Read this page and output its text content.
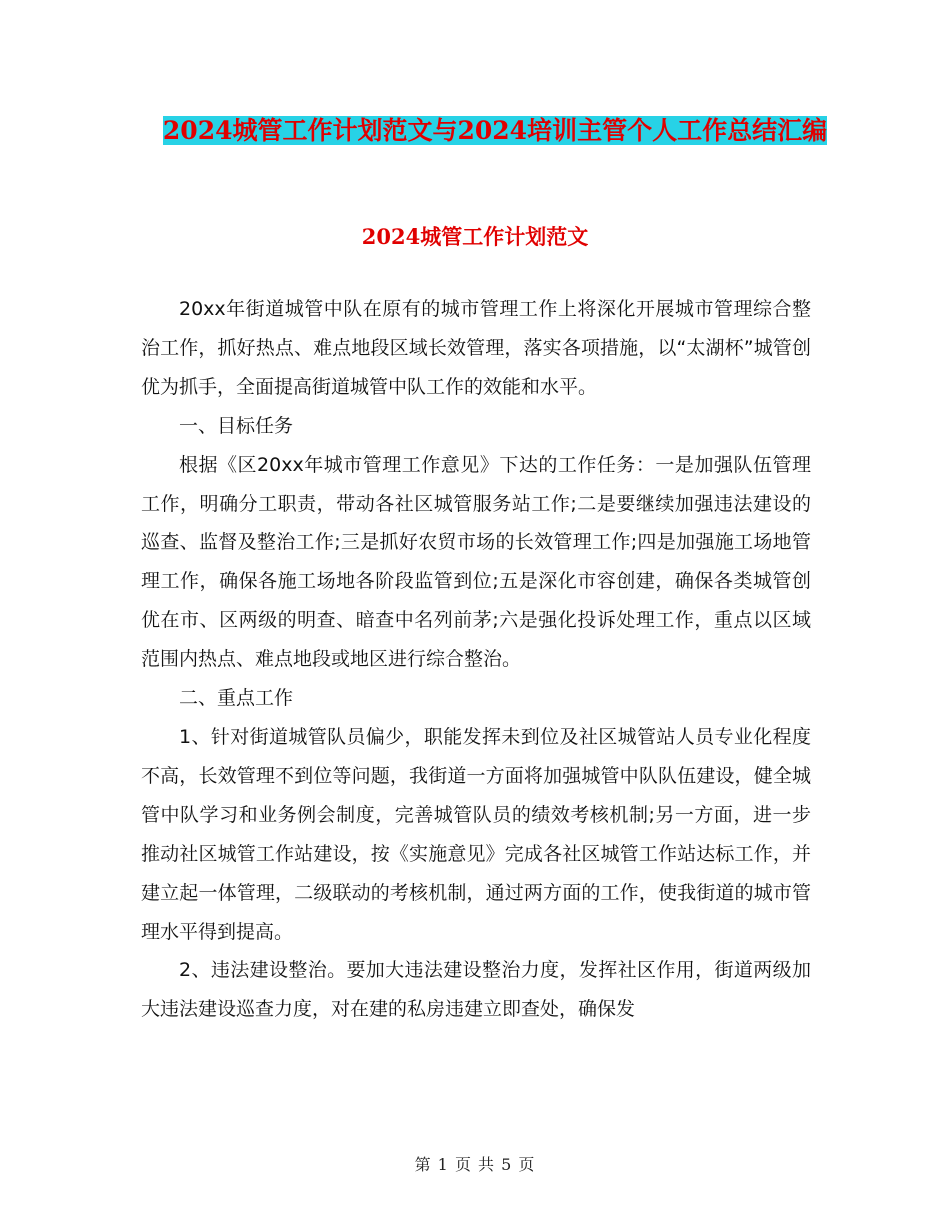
2024城管工作计划范文与2024培训主管个人工作总结汇编
2024城管工作计划范文

20xx年街道城管中队在原有的城市管理工作上将深化开展城市管理综合整治工作，抓好热点、难点地段区域长效管理，落实各项措施，以“太湖杯”城管创优为抓手，全面提高街道城管中队工作的效能和水平。

一、目标任务

根据《区20xx年城市管理工作意见》下达的工作任务：一是加强队伍管理工作，明确分工职责，带动各社区城管服务站工作;二是要继续加强违法建设的巡查、监督及整治工作;三是抓好农贸市场的长效管理工作;四是加强施工场地管理工作，确保各施工场地各阶段监管到位;五是深化市容创建，确保各类城管创优在市、区两级的明查、暗查中名列前茅;六是强化投诉处理工作，重点以区域范围内热点、难点地段或地区进行综合整治。

二、重点工作

1、针对街道城管队员偏少，职能发挥未到位及社区城管站人员专业化程度不高，长效管理不到位等问题，我街道一方面将加强城管中队队伍建设，健全城管中队学习和业务例会制度，完善城管队员的绩效考核机制;另一方面，进一步推动社区城管工作站建设，按《实施意见》完成各社区城管工作站达标工作，并建立起一体管理，二级联动的考核机制，通过两方面的工作，使我街道的城市管理水平得到提高。

2、违法建设整治。要加大违法建设整治力度，发挥社区作用，街道两级加大违法建设巡查力度，对在建的私房违建立即查处，确保发

第 1 页 共 5 页
